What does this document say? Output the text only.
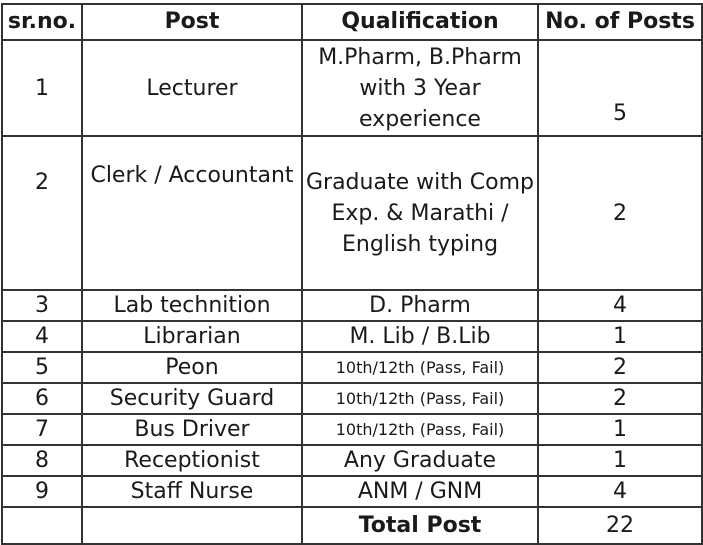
sr.no.	Post	Qualification	No. of Posts
1	Lecturer	M.Pharm, B.Pharm with 3 Year experience	5
2	Clerk / Accountant	Graduate with Comp Exp. & Marathi / English typing	2
3	Lab technition	D. Pharm	4
4	Librarian	M. Lib / B.Lib	1
5	Peon	10th/12th (Pass, Fail)	2
6	Security Guard	10th/12th (Pass, Fail)	2
7	Bus Driver	10th/12th (Pass, Fail)	1
8	Receptionist	Any Graduate	1
9	Staff Nurse	ANM / GNM	4
		Total Post	22
